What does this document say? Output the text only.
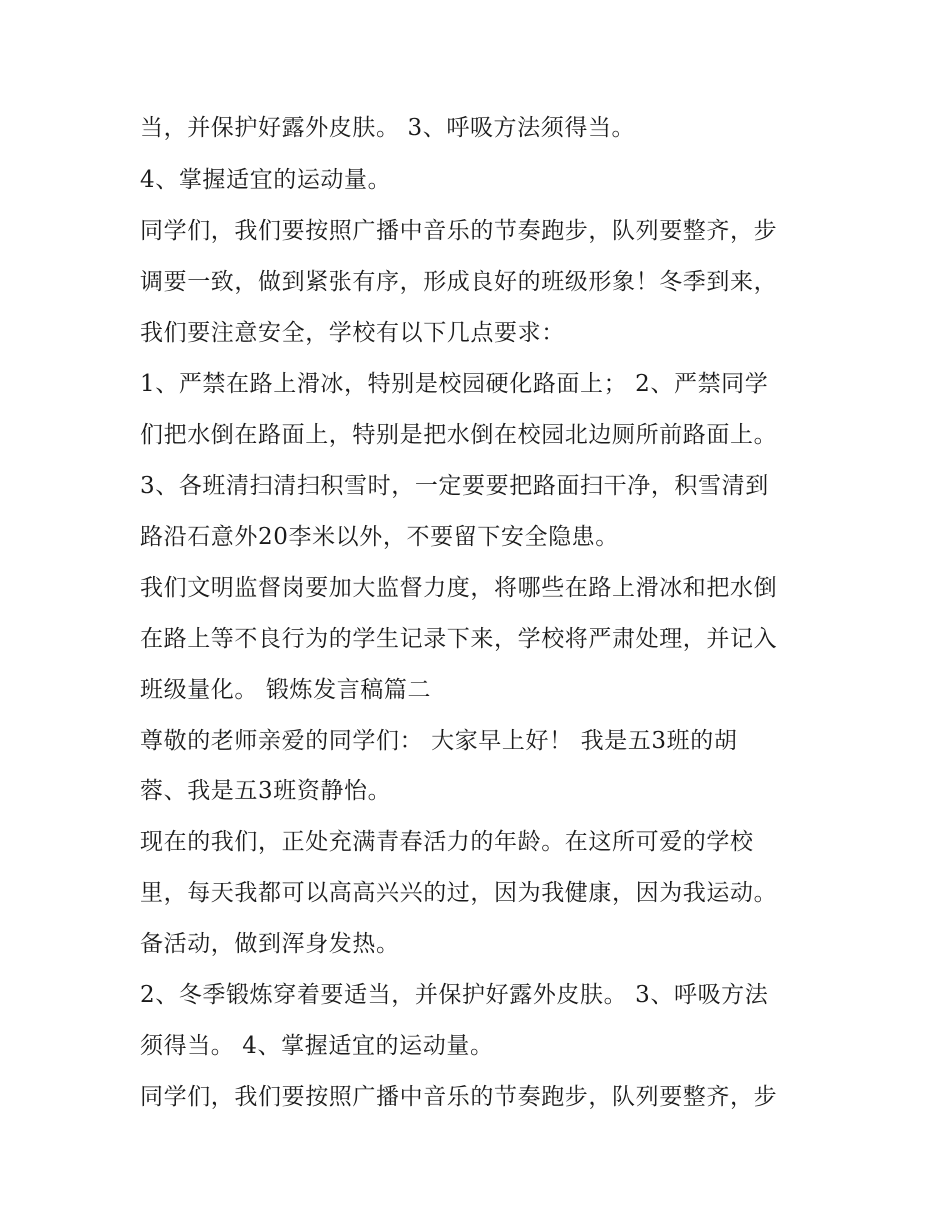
当，并保护好露外皮肤。 3、呼吸方法须得当。
4、掌握适宜的运动量。
同学们，我们要按照广播中音乐的节奏跑步，队列要整齐，步
调要一致，做到紧张有序，形成良好的班级形象！冬季到来，
我们要注意安全，学校有以下几点要求：
1、严禁在路上滑冰，特别是校园硬化路面上； 2、严禁同学
们把水倒在路面上，特别是把水倒在校园北边厕所前路面上。
3、各班清扫清扫积雪时，一定要要把路面扫干净，积雪清到
路沿石意外20李米以外，不要留下安全隐患。
我们文明监督岗要加大监督力度，将哪些在路上滑冰和把水倒
在路上等不良行为的学生记录下来，学校将严肃处理，并记入
班级量化。 锻炼发言稿篇二
尊敬的老师亲爱的同学们： 大家早上好！ 我是五3班的胡
蓉、我是五3班资静怡。
现在的我们，正处充满青春活力的年龄。在这所可爱的学校
里，每天我都可以高高兴兴的过，因为我健康，因为我运动。
备活动，做到浑身发热。
2、冬季锻炼穿着要适当，并保护好露外皮肤。 3、呼吸方法
须得当。 4、掌握适宜的运动量。
同学们，我们要按照广播中音乐的节奏跑步，队列要整齐，步
